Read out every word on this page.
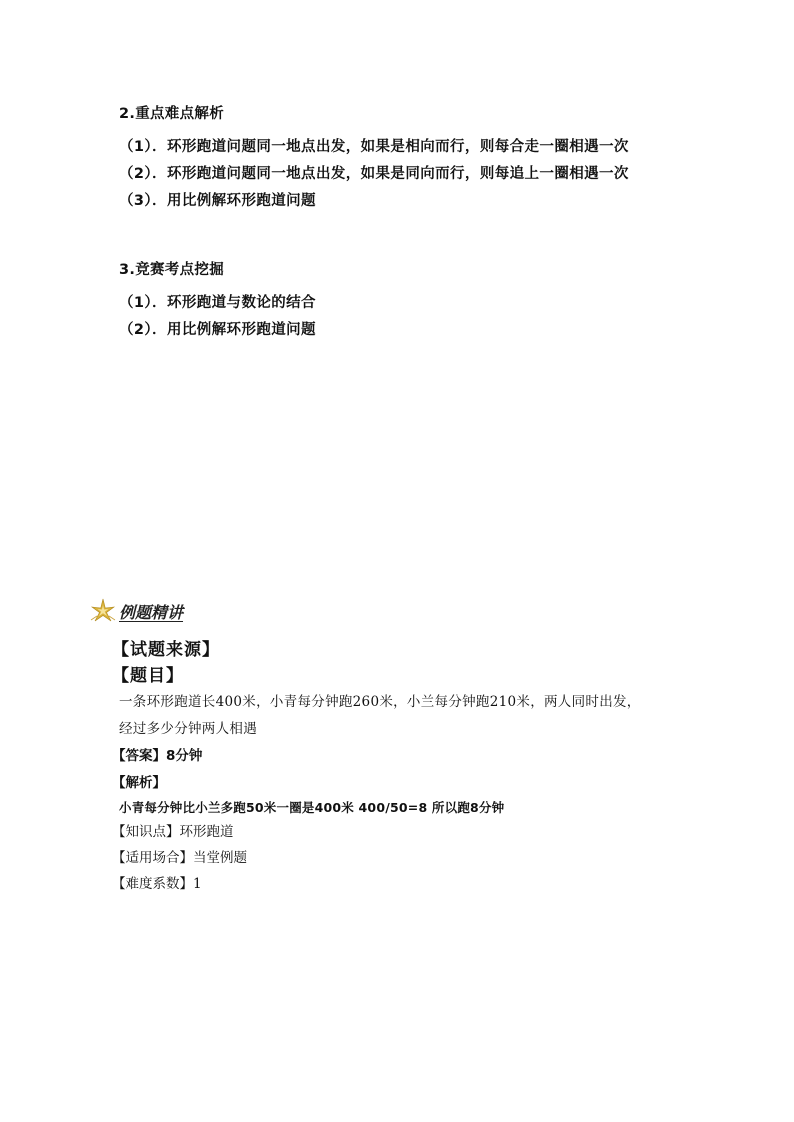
2.重点难点解析
（1）．环形跑道问题同一地点出发，如果是相向而行，则每合走一圈相遇一次
（2）．环形跑道问题同一地点出发，如果是同向而行，则每追上一圈相遇一次
（3）．用比例解环形跑道问题
3.竞赛考点挖掘
（1）．环形跑道与数论的结合
（2）．用比例解环形跑道问题
例题精讲
【试题来源】
【题目】
一条环形跑道长400米，小青每分钟跑260米，小兰每分钟跑210米，两人同时出发，
经过多少分钟两人相遇
【答案】8分钟
【解析】
小青每分钟比小兰多跑50米一圈是400米 400/50=8 所以跑8分钟
【知识点】环形跑道
【适用场合】当堂例题
【难度系数】1
